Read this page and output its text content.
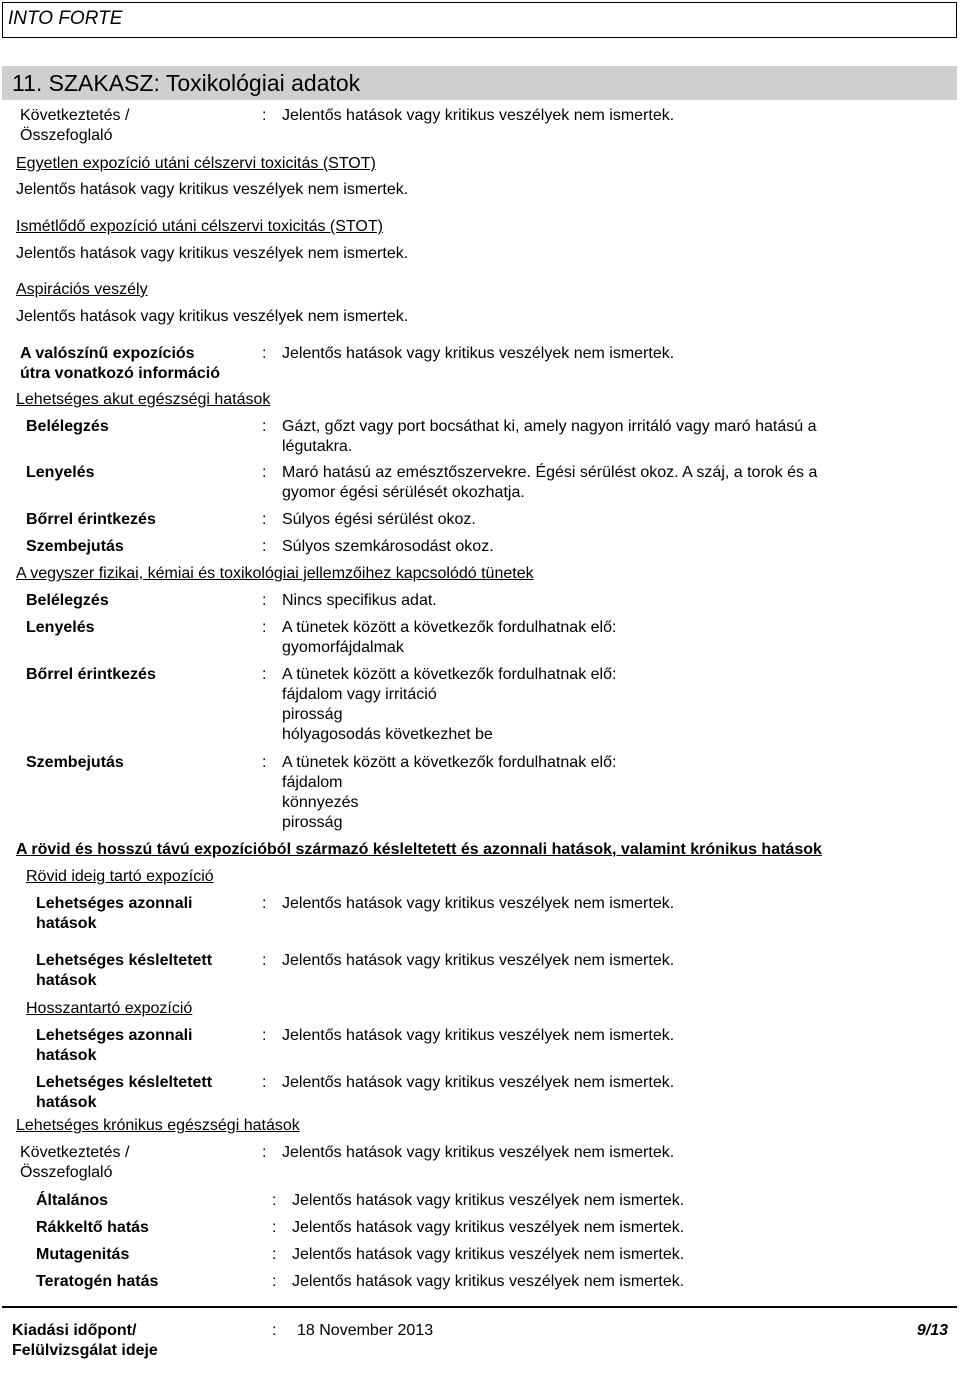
INTO FORTE
11. SZAKASZ: Toxikológiai adatok
Következtetés /
Összefoglaló
: Jelentős hatások vagy kritikus veszélyek nem ismertek.
Egyetlen expozíció utáni célszervi toxicitás (STOT)
Jelentős hatások vagy kritikus veszélyek nem ismertek.
Ismétlődő expozíció utáni célszervi toxicitás (STOT)
Jelentős hatások vagy kritikus veszélyek nem ismertek.
Aspirációs veszély
Jelentős hatások vagy kritikus veszélyek nem ismertek.
A valószínű expozíciós
útra vonatkozó információ
: Jelentős hatások vagy kritikus veszélyek nem ismertek.
Lehetséges akut egészségi hatások
Belélegzés	: Gázt, gőzt vagy port bocsáthat ki, amely nagyon irritáló vagy maró hatású a
légutakra.
Lenyelés	: Maró hatású az emésztőszervekre. Égési sérülést okoz. A száj, a torok és a
gyomor égési sérülését okozhatja.
Bőrrel érintkezés	: Súlyos égési sérülést okoz.
Szembejutás	: Súlyos szemkárosodást okoz.
A vegyszer fizikai, kémiai és toxikológiai jellemzőihez kapcsolódó tünetek
Belélegzés	: Nincs specifikus adat.
Lenyelés	: A tünetek között a következők fordulhatnak elő:
gyomorfájdalmak
Bőrrel érintkezés	: A tünetek között a következők fordulhatnak elő:
fájdalom vagy irritáció
pirosság
hólyagosodás következhet be
Szembejutás	: A tünetek között a következők fordulhatnak elő:
fájdalom
könnyezés
pirosság
A rövid és hosszú távú expozícióból származó késleltetett és azonnali hatások, valamint krónikus hatások
Rövid ideig tartó expozíció
Lehetséges azonnali
hatások
: Jelentős hatások vagy kritikus veszélyek nem ismertek.
Lehetséges késleltetett
hatások
: Jelentős hatások vagy kritikus veszélyek nem ismertek.
Hosszantartó expozíció
Lehetséges azonnali
hatások
: Jelentős hatások vagy kritikus veszélyek nem ismertek.
Lehetséges késleltetett
hatások
: Jelentős hatások vagy kritikus veszélyek nem ismertek.
Lehetséges krónikus egészségi hatások
Következtetés /
Összefoglaló
: Jelentős hatások vagy kritikus veszélyek nem ismertek.
Általános	: Jelentős hatások vagy kritikus veszélyek nem ismertek.
Rákkeltő hatás	: Jelentős hatások vagy kritikus veszélyek nem ismertek.
Mutagenitás	: Jelentős hatások vagy kritikus veszélyek nem ismertek.
Teratogén hatás	: Jelentős hatások vagy kritikus veszélyek nem ismertek.
Kiadási időpont/
Felülvizsgálat ideje
: 18 November 2013	9/13
